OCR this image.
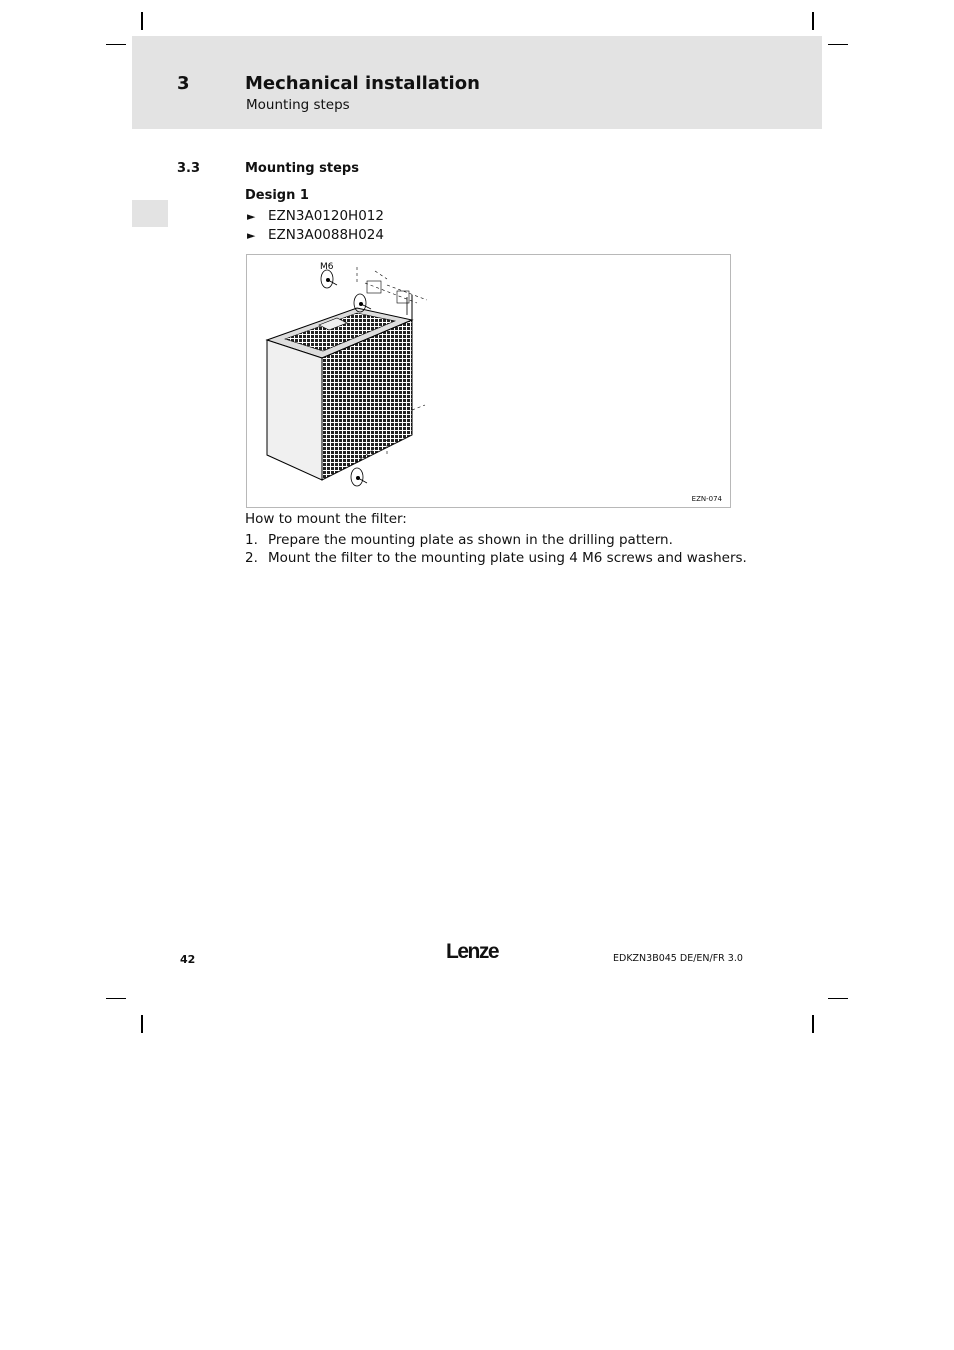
3	Mechanical installation
Mounting steps
3.3	Mounting steps
Design 1
► EZN3A0120H012
► EZN3A0088H024
M6
EZN-074
How to mount the filter:
1. Prepare the mounting plate as shown in the drilling pattern.
2. Mount the filter to the mounting plate using 4 M6 screws and washers.
42	Lenze	EDKZN3B045 DE/EN/FR 3.0
